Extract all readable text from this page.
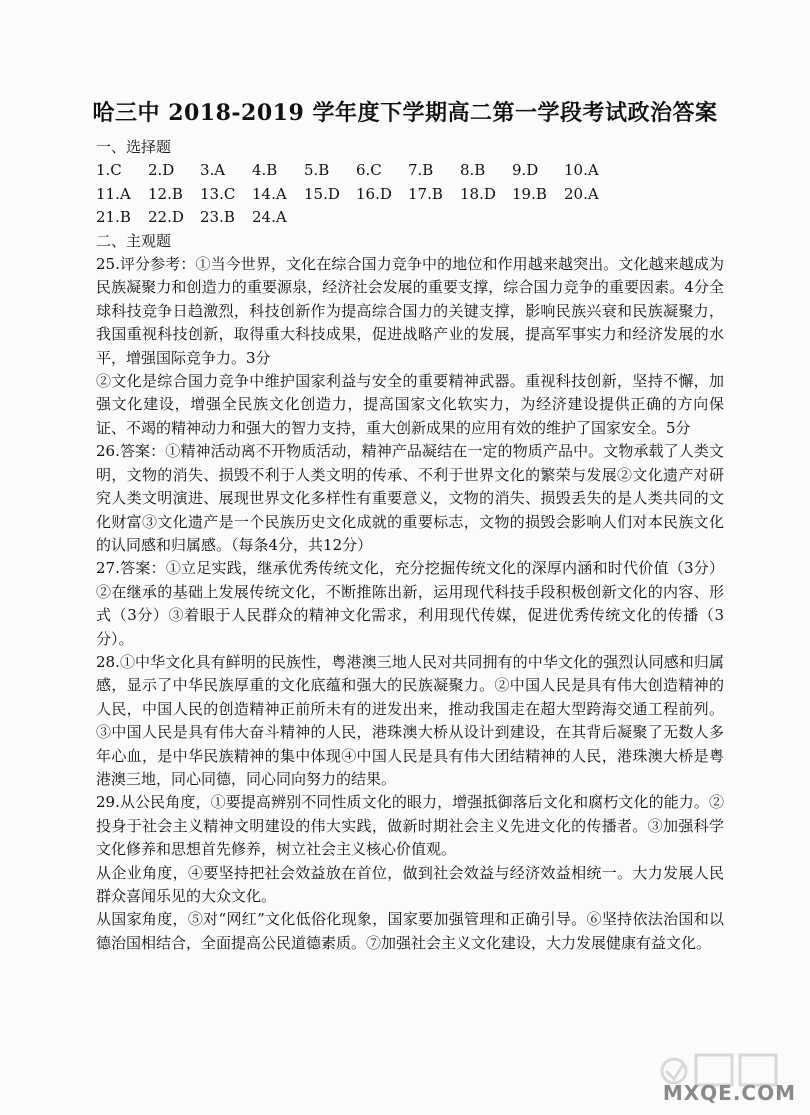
哈三中 2018-2019 学年度下学期高二第一学段考试政治答案
一、选择题
1.C	2.D	3.A	4.B	5.B	6.C	7.B	8.B	9.D	10.A
11.A	12.B	13.C	14.A	15.D	16.D	17.B	18.D	19.B	20.A
21.B	22.D	23.B	24.A
二、主观题

25.评分参考：①当今世界，文化在综合国力竞争中的地位和作用越来越突出。文化越来越成为民族凝聚力和创造力的重要源泉，经济社会发展的重要支撑，综合国力竞争的重要因素。4分全球科技竞争日趋激烈，科技创新作为提高综合国力的关键支撑，影响民族兴衰和民族凝聚力，我国重视科技创新，取得重大科技成果，促进战略产业的发展，提高军事实力和经济发展的水平，增强国际竞争力。3分

②文化是综合国力竞争中维护国家利益与安全的重要精神武器。重视科技创新，坚持不懈，加强文化建设，增强全民族文化创造力，提高国家文化软实力，为经济建设提供正确的方向保证、不竭的精神动力和强大的智力支持，重大创新成果的应用有效的维护了国家安全。5分

26.答案：①精神活动离不开物质活动，精神产品凝结在一定的物质产品中。文物承载了人类文明，文物的消失、损毁不利于人类文明的传承、不利于世界文化的繁荣与发展②文化遗产对研究人类文明演进、展现世界文化多样性有重要意义，文物的消失、损毁丢失的是人类共同的文化财富③文化遗产是一个民族历史文化成就的重要标志，文物的损毁会影响人们对本民族文化的认同感和归属感。（每条4分，共12分）

27.答案：①立足实践，继承优秀传统文化，充分挖掘传统文化的深厚内涵和时代价值（3分）②在继承的基础上发展传统文化，不断推陈出新，运用现代科技手段积极创新文化的内容、形式（3分）③着眼于人民群众的精神文化需求，利用现代传媒，促进优秀传统文化的传播（3分）。

28.①中华文化具有鲜明的民族性，粤港澳三地人民对共同拥有的中华文化的强烈认同感和归属感，显示了中华民族厚重的文化底蕴和强大的民族凝聚力。②中国人民是具有伟大创造精神的人民，中国人民的创造精神正前所未有的迸发出来，推动我国走在超大型跨海交通工程前列。③中国人民是具有伟大奋斗精神的人民，港珠澳大桥从设计到建设，在其背后凝聚了无数人多年心血，是中华民族精神的集中体现④中国人民是具有伟大团结精神的人民，港珠澳大桥是粤港澳三地，同心同德，同心同向努力的结果。

29.从公民角度，①要提高辨别不同性质文化的眼力，增强抵御落后文化和腐朽文化的能力。②投身于社会主义精神文明建设的伟大实践，做新时期社会主义先进文化的传播者。③加强科学文化修养和思想首先修养，树立社会主义核心价值观。

从企业角度，④要坚持把社会效益放在首位，做到社会效益与经济效益相统一。大力发展人民群众喜闻乐见的大众文化。

从国家角度，⑤对“网红”文化低俗化现象，国家要加强管理和正确引导。⑥坚持依法治国和以德治国相结合，全面提高公民道德素质。⑦加强社会主义文化建设，大力发展健康有益文化。

MXQE.COM
